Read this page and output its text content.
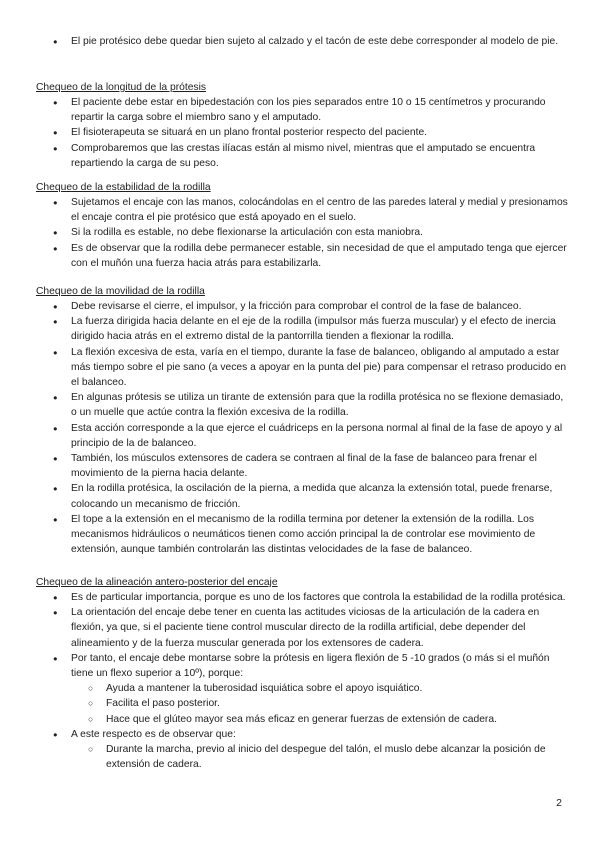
● El pie protésico debe quedar bien sujeto al calzado y el tacón de este debe corresponder al modelo de pie.
Chequeo de la longitud de la prótesis
● El paciente debe estar en bipedestación con los pies separados entre 10 o 15 centímetros y procurando repartir la carga sobre el miembro sano y el amputado.
● El fisioterapeuta se situará en un plano frontal posterior respecto del paciente.
● Comprobaremos que las crestas ilíacas están al mismo nivel, mientras que el amputado se encuentra repartiendo la carga de su peso.
Chequeo de la estabilidad de la rodilla
● Sujetamos el encaje con las manos, colocándolas en el centro de las paredes lateral y medial y presionamos el encaje contra el pie protésico que está apoyado en el suelo.
● Si la rodilla es estable, no debe flexionarse la articulación con esta maniobra.
● Es de observar que la rodilla debe permanecer estable, sin necesidad de que el amputado tenga que ejercer con el muñón una fuerza hacia atrás para estabilizarla.
Chequeo de la movilidad de la rodilla
● Debe revisarse el cierre, el impulsor, y la fricción para comprobar el control de la fase de balanceo.
● La fuerza dirigida hacia delante en el eje de la rodilla (impulsor más fuerza muscular) y el efecto de inercia dirigido hacia atrás en el extremo distal de la pantorrilla tienden a flexionar la rodilla.
● La flexión excesiva de esta, varía en el tiempo, durante la fase de balanceo, obligando al amputado a estar más tiempo sobre el pie sano (a veces a apoyar en la punta del pie) para compensar el retraso producido en el balanceo.
● En algunas prótesis se utiliza un tirante de extensión para que la rodilla protésica no se flexione demasiado, o un muelle que actúe contra la flexión excesiva de la rodilla.
● Esta acción corresponde a la que ejerce el cuádriceps en la persona normal al final de la fase de apoyo y al principio de la de balanceo.
● También, los músculos extensores de cadera se contraen al final de la fase de balanceo para frenar el movimiento de la pierna hacia delante.
● En la rodilla protésica, la oscilación de la pierna, a medida que alcanza la extensión total, puede frenarse, colocando un mecanismo de fricción.
● El tope a la extensión en el mecanismo de la rodilla termina por detener la extensión de la rodilla. Los mecanismos hidráulicos o neumáticos tienen como acción principal la de controlar ese movimiento de extensión, aunque también controlarán las distintas velocidades de la fase de balanceo.
Chequeo de la alineación antero-posterior del encaje
● Es de particular importancia, porque es uno de los factores que controla la estabilidad de la rodilla protésica.
● La orientación del encaje debe tener en cuenta las actitudes viciosas de la articulación de la cadera en flexión, ya que, si el paciente tiene control muscular directo de la rodilla artificial, debe depender del alineamiento y de la fuerza muscular generada por los extensores de cadera.
● Por tanto, el encaje debe montarse sobre la prótesis en ligera flexión de 5 -10 grados (o más si el muñón tiene un flexo superior a 10º), porque:
○ Ayuda a mantener la tuberosidad isquiática sobre el apoyo isquiático.
○ Facilita el paso posterior.
○ Hace que el glúteo mayor sea más eficaz en generar fuerzas de extensión de cadera.
● A este respecto es de observar que:
○ Durante la marcha, previo al inicio del despegue del talón, el muslo debe alcanzar la posición de extensión de cadera.
2
